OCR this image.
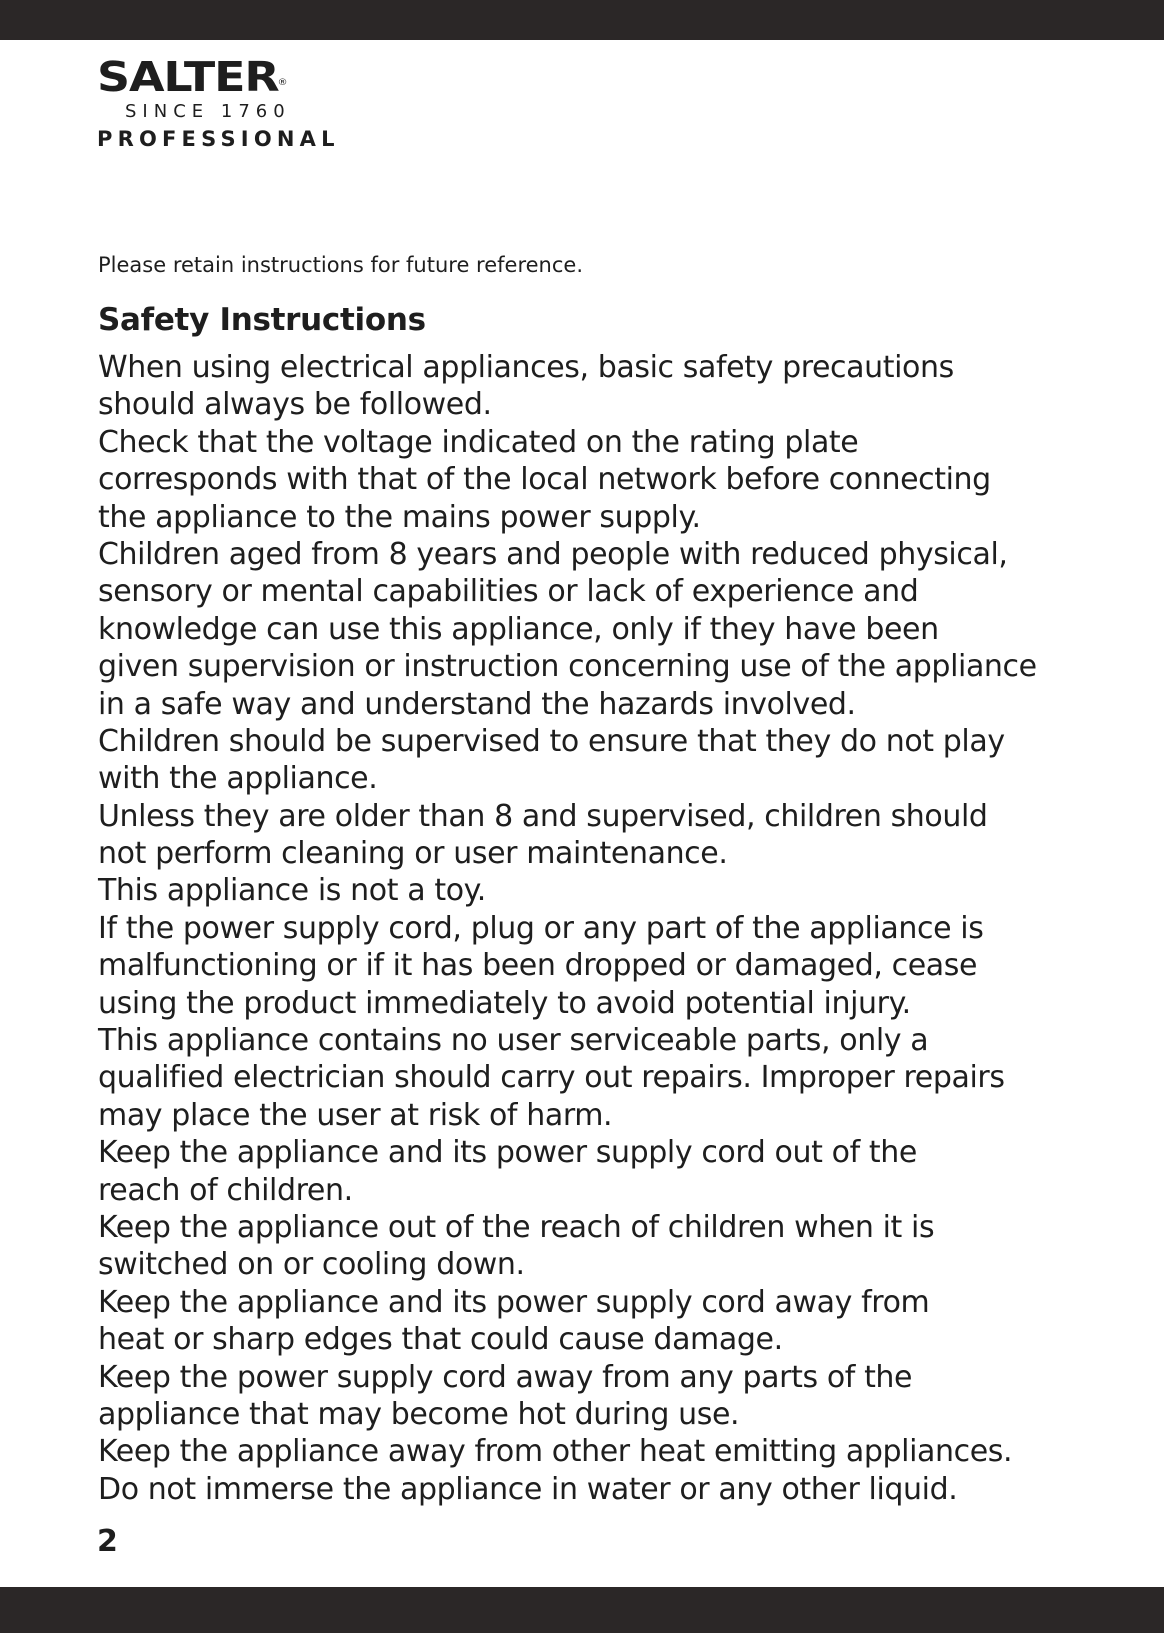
SALTER
®
SINCE 1760
PROFESSIONAL
Please retain instructions for future reference.
Safety Instructions
When using electrical appliances, basic safety precautions
should always be followed.
Check that the voltage indicated on the rating plate
corresponds with that of the local network before connecting
the appliance to the mains power supply.
Children aged from 8 years and people with reduced physical,
sensory or mental capabilities or lack of experience and
knowledge can use this appliance, only if they have been
given supervision or instruction concerning use of the appliance
in a safe way and understand the hazards involved.
Children should be supervised to ensure that they do not play
with the appliance.
Unless they are older than 8 and supervised, children should
not perform cleaning or user maintenance.
This appliance is not a toy.
If the power supply cord, plug or any part of the appliance is
malfunctioning or if it has been dropped or damaged, cease
using the product immediately to avoid potential injury.
This appliance contains no user serviceable parts, only a
qualified electrician should carry out repairs. Improper repairs
may place the user at risk of harm.
Keep the appliance and its power supply cord out of the
reach of children.
Keep the appliance out of the reach of children when it is
switched on or cooling down.
Keep the appliance and its power supply cord away from
heat or sharp edges that could cause damage.
Keep the power supply cord away from any parts of the
appliance that may become hot during use.
Keep the appliance away from other heat emitting appliances.
Do not immerse the appliance in water or any other liquid.
2
